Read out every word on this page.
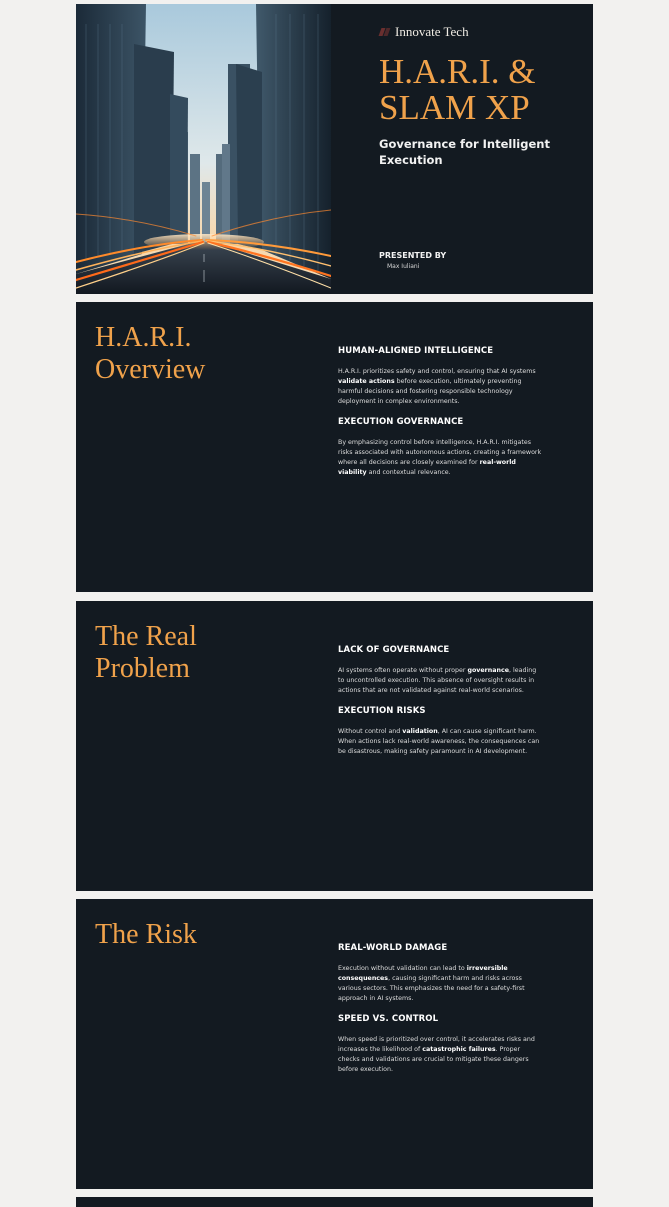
Innovate Tech
H.A.R.I. & SLAM XP
Governance for Intelligent Execution
PRESENTED BY
Max Iuliani
H.A.R.I. Overview
HUMAN-ALIGNED INTELLIGENCE

H.A.R.I. prioritizes safety and control, ensuring that AI systems validate actions before execution, ultimately preventing harmful decisions and fostering responsible technology deployment in complex environments.

EXECUTION GOVERNANCE

By emphasizing control before intelligence, H.A.R.I. mitigates risks associated with autonomous actions, creating a framework where all decisions are closely examined for real-world viability and contextual relevance.

The Real Problem
LACK OF GOVERNANCE

AI systems often operate without proper governance, leading to uncontrolled execution. This absence of oversight results in actions that are not validated against real-world scenarios.

EXECUTION RISKS

Without control and validation, AI can cause significant harm. When actions lack real-world awareness, the consequences can be disastrous, making safety paramount in AI development.

The Risk	REAL-WORLD DAMAGE

Execution without validation can lead to irreversible consequences, causing significant harm and risks across various sectors. This emphasizes the need for a safety-first approach in AI systems.

SPEED VS. CONTROL

When speed is prioritized over control, it accelerates risks and increases the likelihood of catastrophic failures. Proper checks and validations are crucial to mitigate these dangers before execution.
